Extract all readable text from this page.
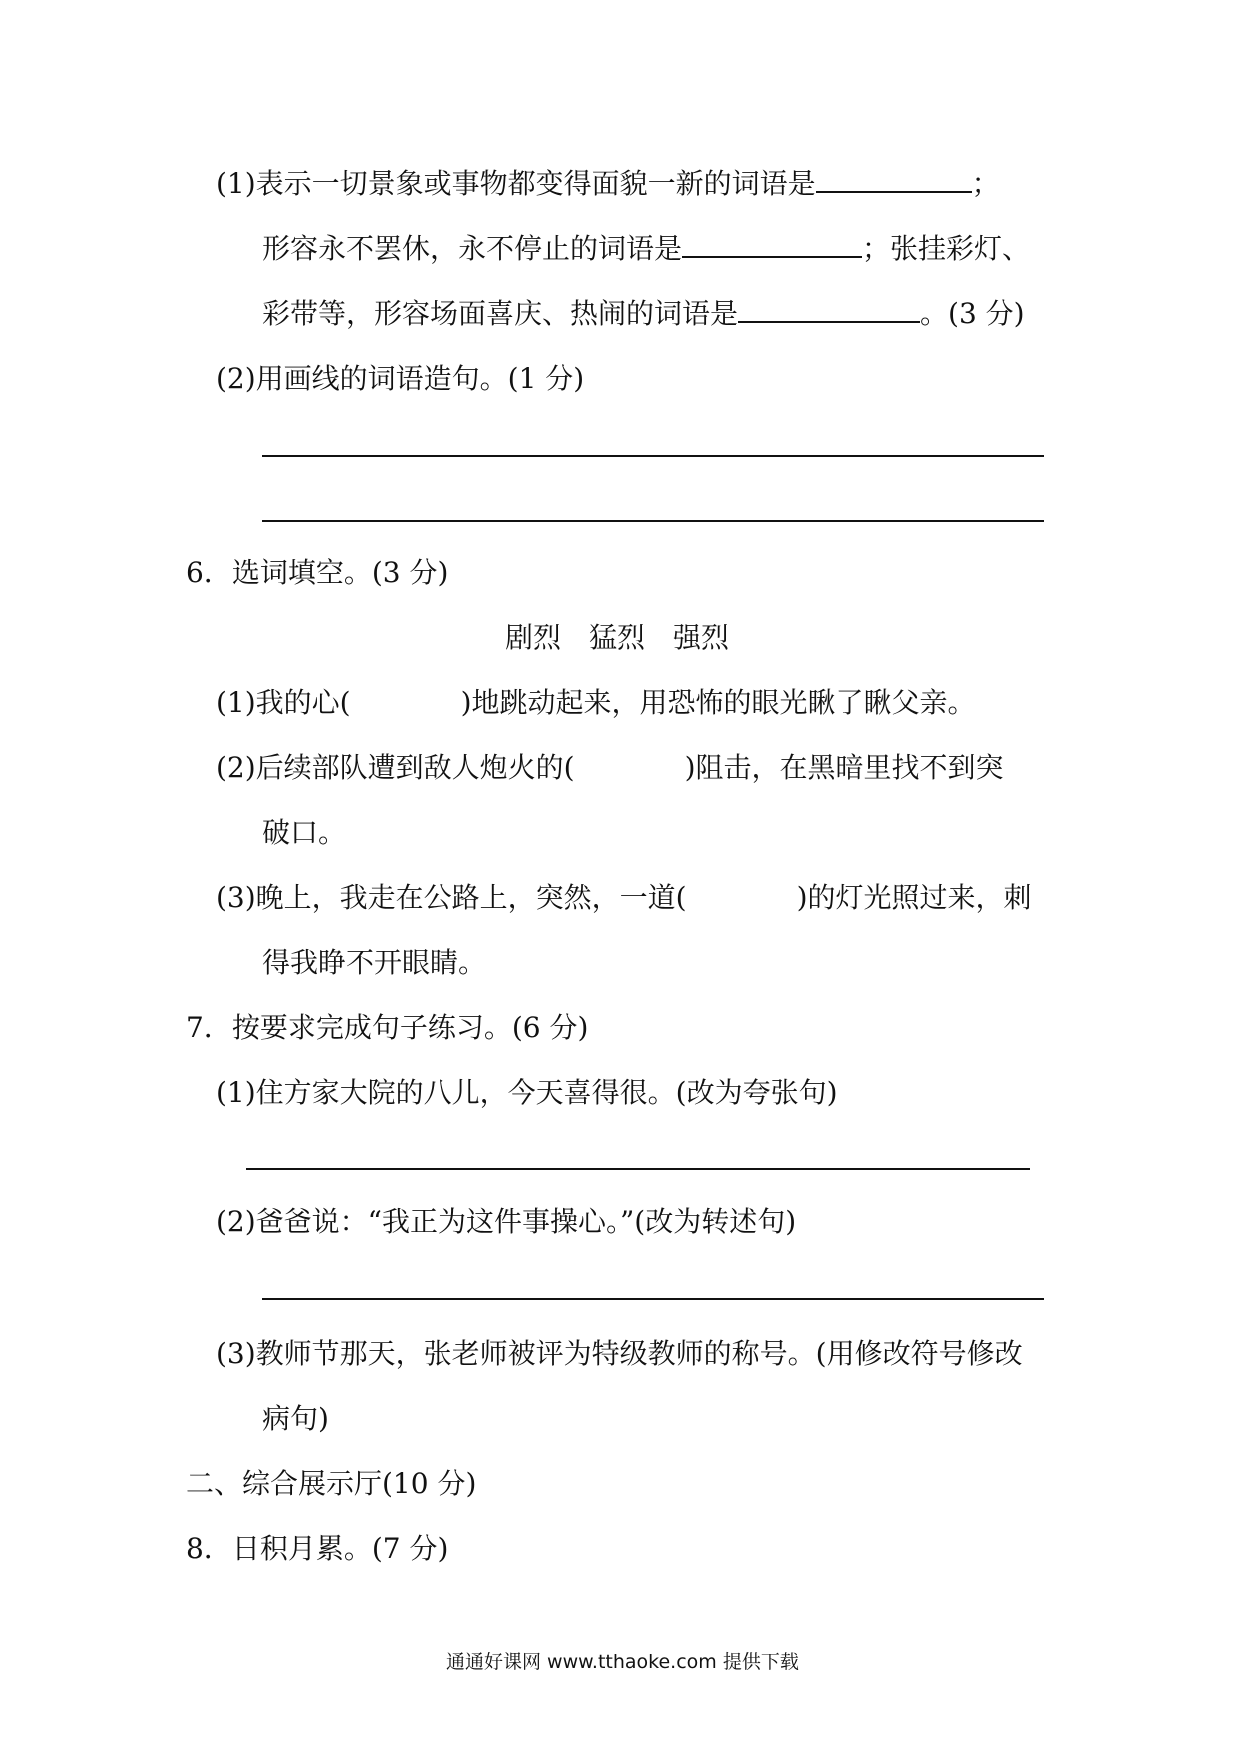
(1)表示一切景象或事物都变得面貌一新的词语是	；
形容永不罢休，永不停止的词语是	；张挂彩灯、
彩带等，形容场面喜庆、热闹的词语是	。(3 分)
(2)用画线的词语造句。(1 分)
6．选词填空。(3 分)
剧烈　猛烈　强烈
(1)我的心(	)地跳动起来，用恐怖的眼光瞅了瞅父亲。
(2)后续部队遭到敌人炮火的(	)阻击，在黑暗里找不到突
破口。
(3)晚上，我走在公路上，突然，一道(	)的灯光照过来，刺
得我睁不开眼睛。
7．按要求完成句子练习。(6 分)
(1)住方家大院的八儿，今天喜得很。(改为夸张句)
(2)爸爸说：“我正为这件事操心。”(改为转述句)
(3)教师节那天，张老师被评为特级教师的称号。(用修改符号修改
病句)
二、综合展示厅(10 分)
8．日积月累。(7 分)
通通好课网 www.tthaoke.com 提供下载
